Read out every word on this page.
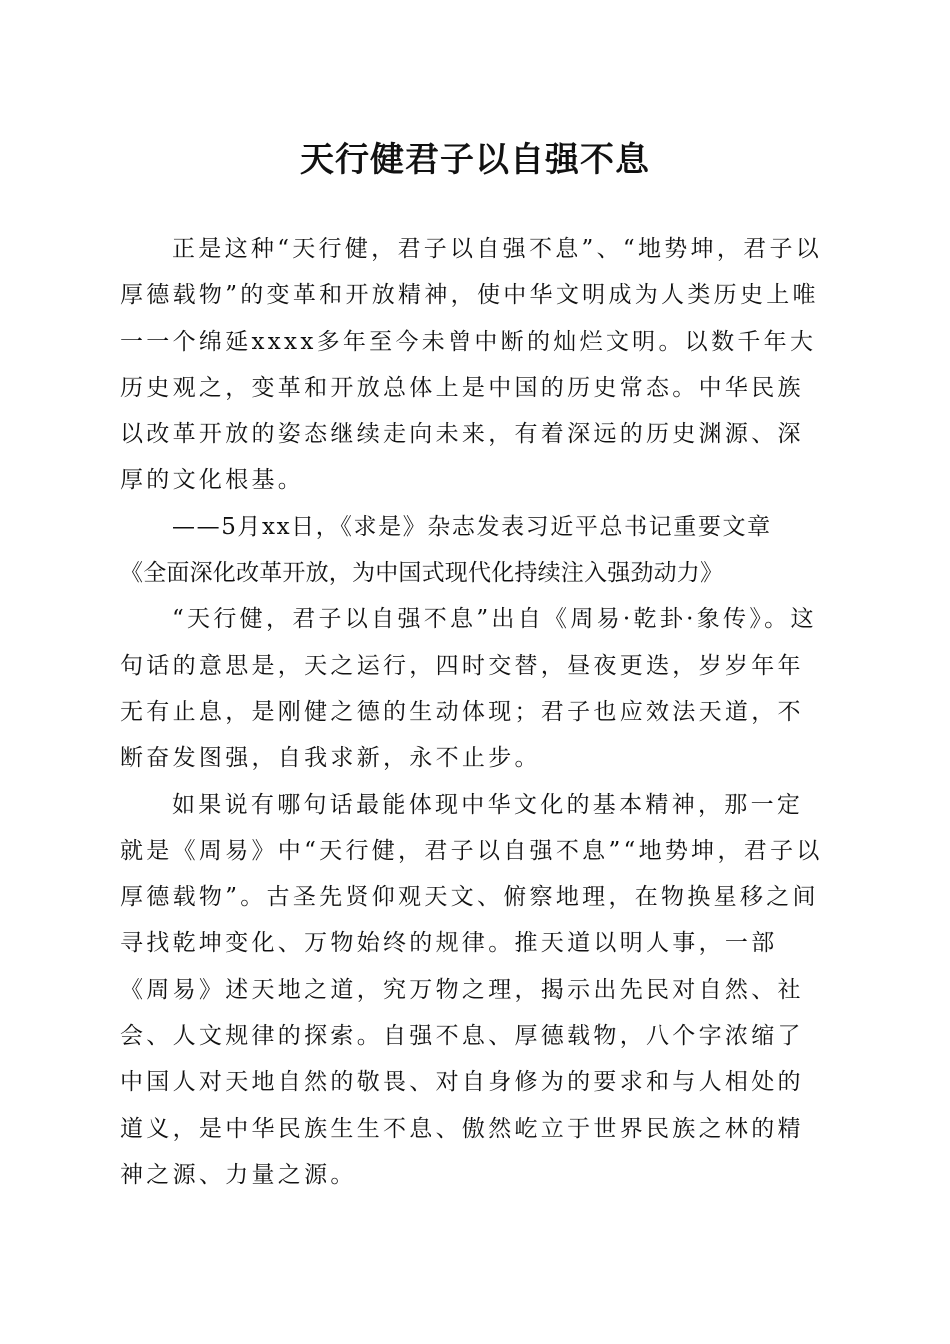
天行健君子以自强不息

正是这种“天行健，君子以自强不息”、“地势坤，君子以厚德载物”的变革和开放精神，使中华文明成为人类历史上唯一一个绵延xxxx多年至今未曾中断的灿烂文明。以数千年大历史观之，变革和开放总体上是中国的历史常态。中华民族以改革开放的姿态继续走向未来，有着深远的历史渊源、深厚的文化根基。

——5月xx日，《求是》杂志发表习近平总书记重要文章

《全面深化改革开放，为中国式现代化持续注入强劲动力》

“天行健，君子以自强不息”出自《周易·乾卦·象传》。这句话的意思是，天之运行，四时交替，昼夜更迭，岁岁年年无有止息，是刚健之德的生动体现；君子也应效法天道，不断奋发图强，自我求新，永不止步。

如果说有哪句话最能体现中华文化的基本精神，那一定就是《周易》中“天行健，君子以自强不息”“地势坤，君子以厚德载物”。古圣先贤仰观天文、俯察地理，在物换星移之间寻找乾坤变化、万物始终的规律。推天道以明人事，一部《周易》述天地之道，究万物之理，揭示出先民对自然、社会、人文规律的探索。自强不息、厚德载物，八个字浓缩了中国人对天地自然的敬畏、对自身修为的要求和与人相处的道义，是中华民族生生不息、傲然屹立于世界民族之林的精神之源、力量之源。
